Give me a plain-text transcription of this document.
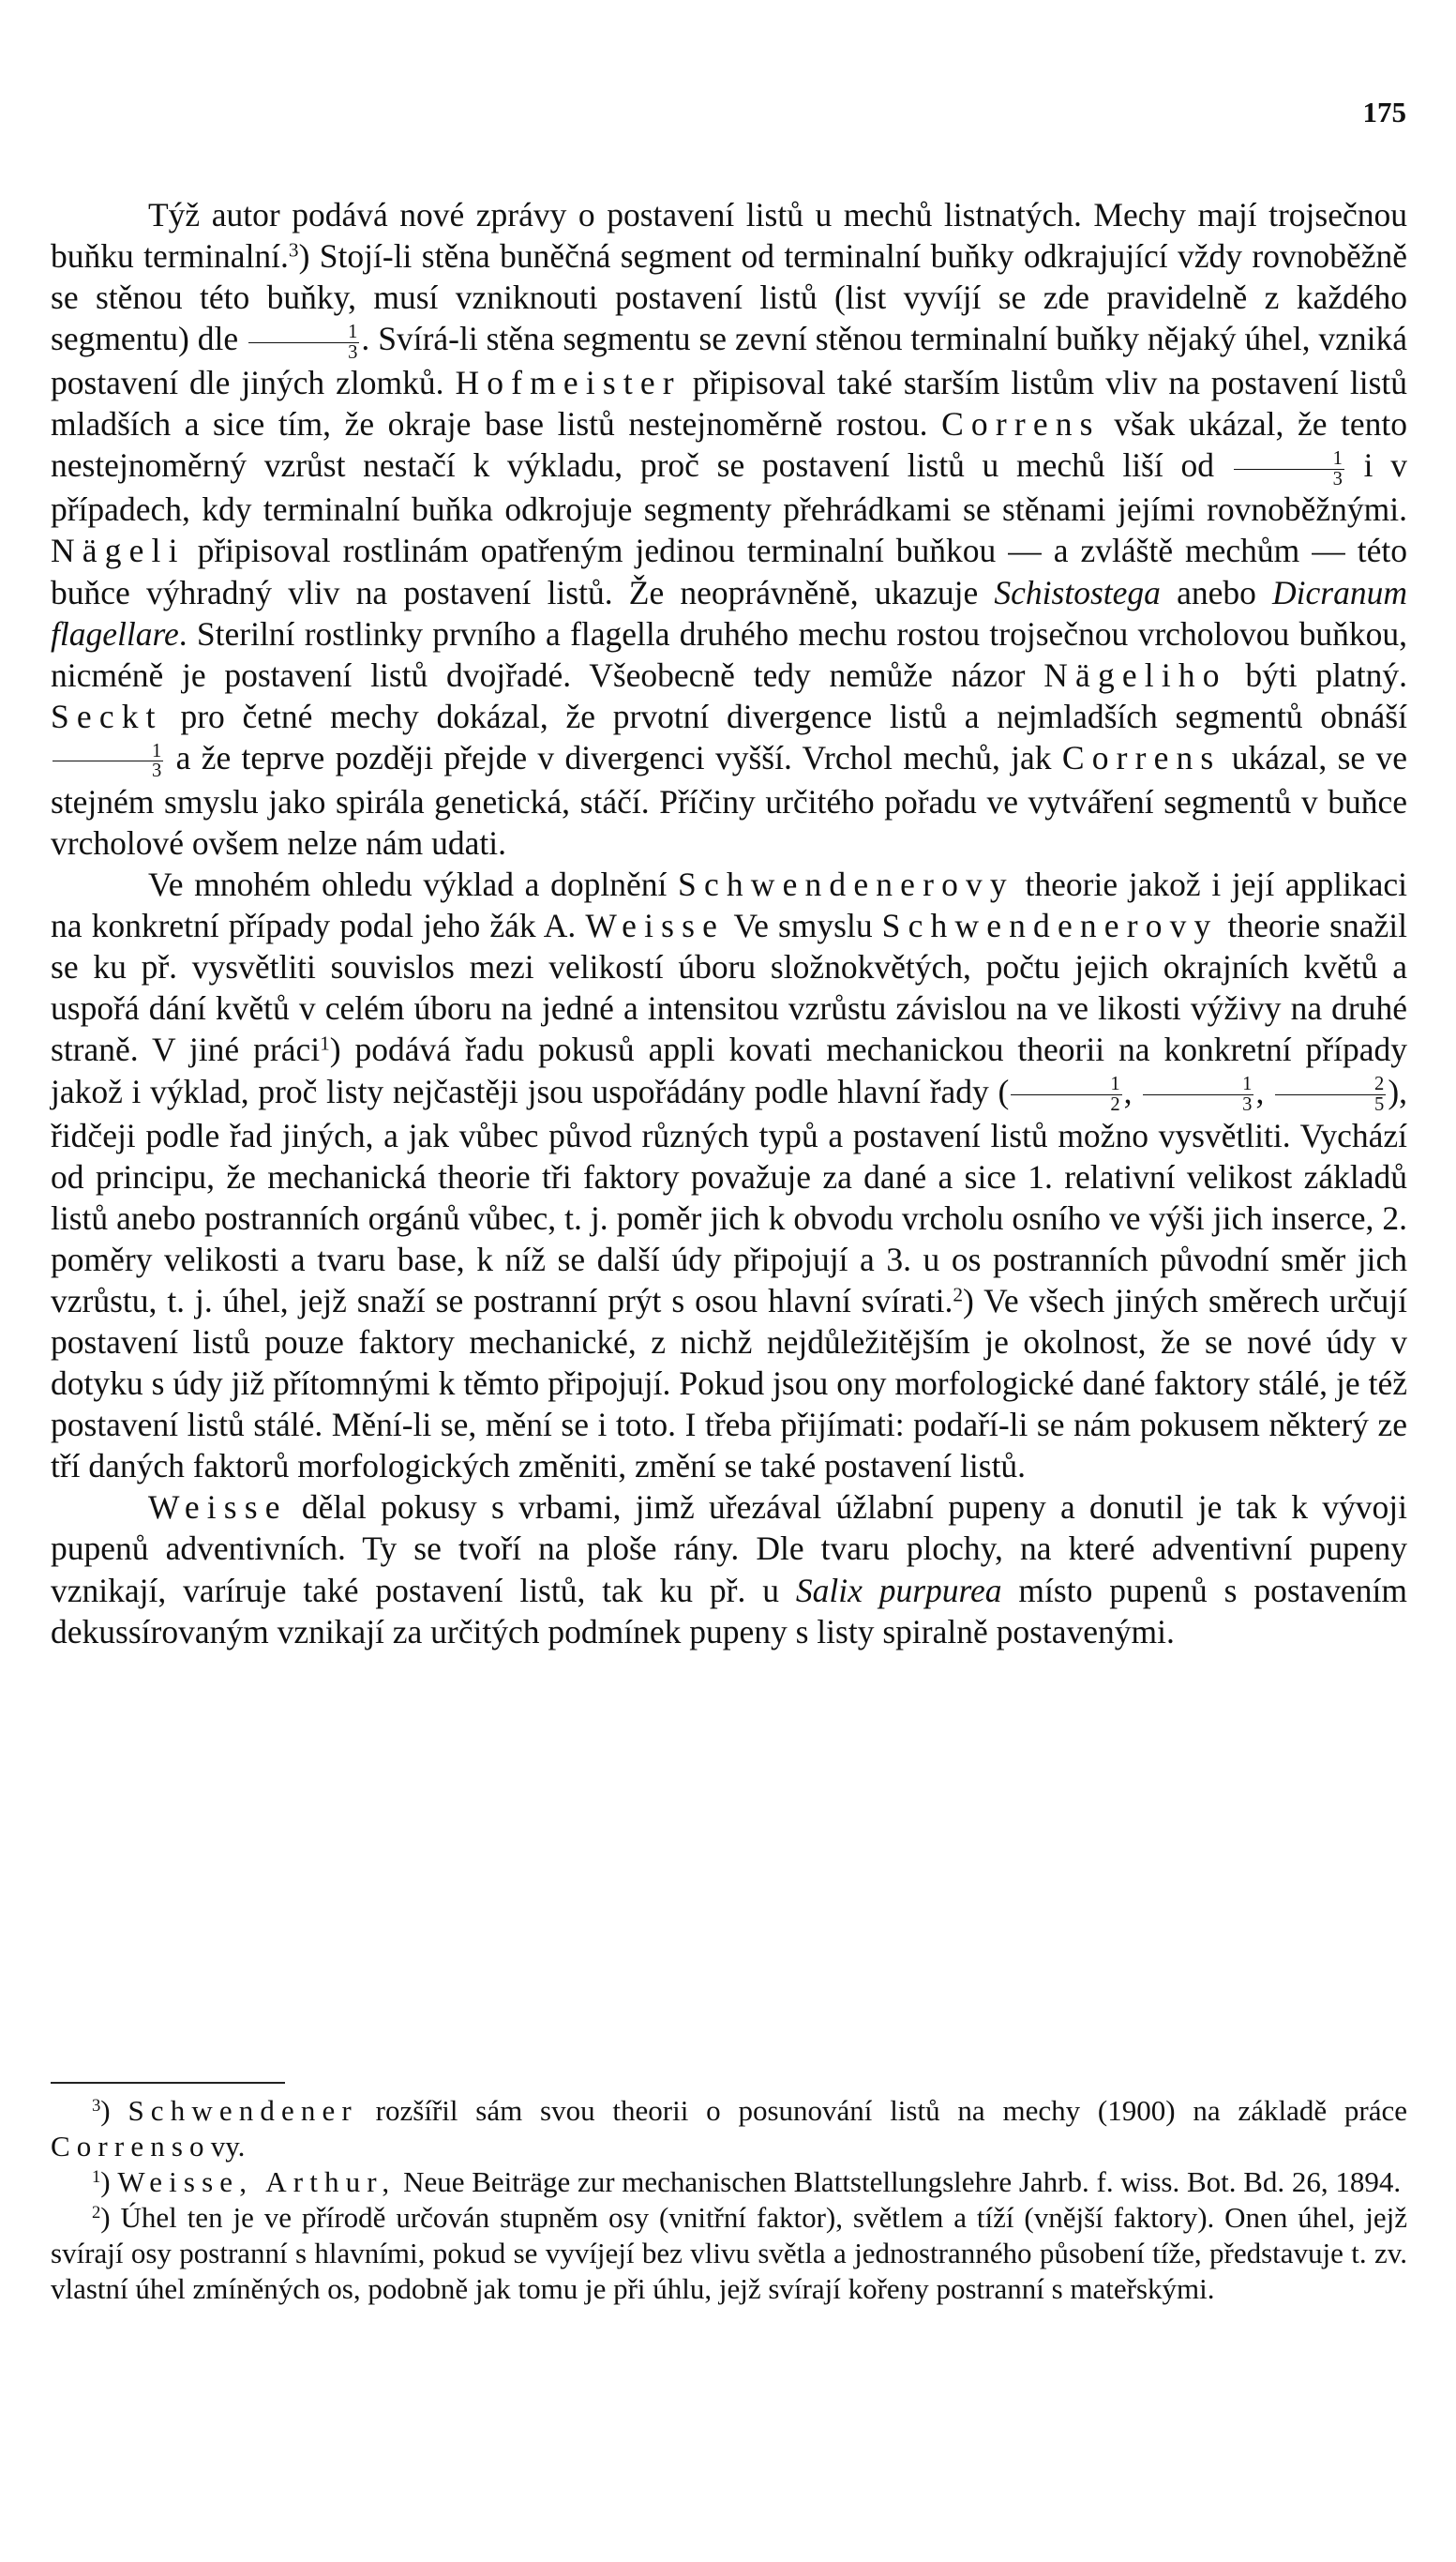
175

Týž autor podává nové zprávy o postavení listů u mechů listnatých. Mechy mají trojsečnou buňku terminalní.$^3$) Stojí-li stěna buněčná segment od terminalní buňky odkrajující vždy rovnoběžně se stěnou této buňky, musí vzniknouti postavení listů (list vyvíjí se zde pravidelně z každého segmentu) dle $\frac{1}{3}$ . Svírá-li stěna segmentu se zevní stěnou terminalní buňky nějaký úhel, vzniká postavení dle jiných zlomků. Hofmeister připisoval také starším listům vliv na postavení listů mladších a sice tím, že okraje base listů nestejnoměrně rostou. Correns však ukázal, že tento nestejnoměrný vzrůst nestačí k výkladu, proč se postavení listů u mechů liší od $\frac{1}{3}$ i v případech, kdy terminalní buňka odkrojuje segmenty přehrádkami se stěnami jejími rovnoběžnými. Nägeli připisoval rostlinám opatřeným jedinou terminalní buňkou — a zvláště mechům — této buňce výhradný vliv na postavení listů. Že neoprávněně, ukazuje Schistostega anebo Dicranum flagellare. Sterilní rostlinky prvního a flagella druhého mechu rostou trojsečnou vrcholovou buňkou, nicméně je postavení listů dvojřadé. Všeobecně tedy nemůže názor Nägeliho býti platný. Seckt pro četné mechy dokázal, že prvotní divergence listů a nejmladších segmentů obnáší
$\frac{1}{3}$ a že teprve později přejde v divergenci vyšší. Vrchol mechů, jak Correns ukázal, se ve stejném smyslu jako spirála genetická, stáčí. Příčiny určitého pořadu ve vytváření segmentů v buňce vrcholové ovšem nelze nám udati.

Ve mnohém ohledu výklad a doplnění Schwendenerovy theorie jakož i její applikaci na konkretní případy podal jeho žák A. Weisse Ve smyslu Schwendenerovy theorie snažil se ku př. vysvětliti souvislos mezi velikostí úboru složnokvětých, počtu jejich okrajních květů a uspořá dání květů v celém úboru na jedné a intensitou vzrůstu závislou na ve likosti výživy na druhé straně. V jiné práci$^1$) podává řadu pokusů appli kovati mechanickou theorii na konkretní případy jakož i výklad, proč listy nejčastěji jsou uspořádány podle hlavní řady ( $\frac{1}{2}$ , $\frac{1}{3}$ , $\frac{2}{5}$ ), řidčeji podle řad jiných, a jak vůbec původ různých typů a postavení listů možno vysvětliti. Vychází od principu, že mechanická theorie tři faktory považuje za dané a sice 1. relativní velikost základů listů anebo postranních orgánů vůbec, t. j. poměr jich k obvodu vrcholu osního ve výši jich inserce, 2. poměry velikosti a tvaru base, k níž se další údy připojují a 3. u os postranních původní směr jich vzrůstu, t. j. úhel, jejž snaží se postranní prýt s osou hlavní svírati.$^2$) Ve všech jiných směrech určují postavení listů pouze faktory mechanické, z nichž nejdůležitějším je okolnost, že se nové údy v dotyku s údy již přítomnými k těmto připojují. Pokud jsou ony morfologické dané faktory stálé, je též postavení listů stálé. Mění-li se, mění se i toto. I třeba přijímati: podaří-li se nám pokusem některý ze tří daných faktorů morfologických změniti, změní se také postavení listů.

Weisse dělal pokusy s vrbami, jimž uřezával úžlabní pupeny a donutil je tak k vývoji pupenů adventivních. Ty se tvoří na ploše rány. Dle tvaru plochy, na které adventivní pupeny vznikají, varíruje také postavení listů, tak ku př. u Salix purpurea místo pupenů s postavením dekussírovaným vznikají za určitých podmínek pupeny s listy spiralně postavenými.

$^3$) Schwendener rozšířil sám svou theorii o posunování listů na mechy (1900) na základě práce Corrensovy.

$^1$) Weisse, Arthur, Neue Beiträge zur mechanischen Blattstellungslehre Jahrb. f. wiss. Bot. Bd. 26, 1894.

$^2$) Úhel ten je ve přírodě určován stupněm osy (vnitřní faktor), světlem a tíží (vnější faktory). Onen úhel, jejž svírají osy postranní s hlavními, pokud se vyvíjejí bez vlivu světla a jednostranného působení tíže, představuje t. zv. vlastní úhel zmíněných os, podobně jak tomu je při úhlu, jejž svírají kořeny postranní s mateřskými.
